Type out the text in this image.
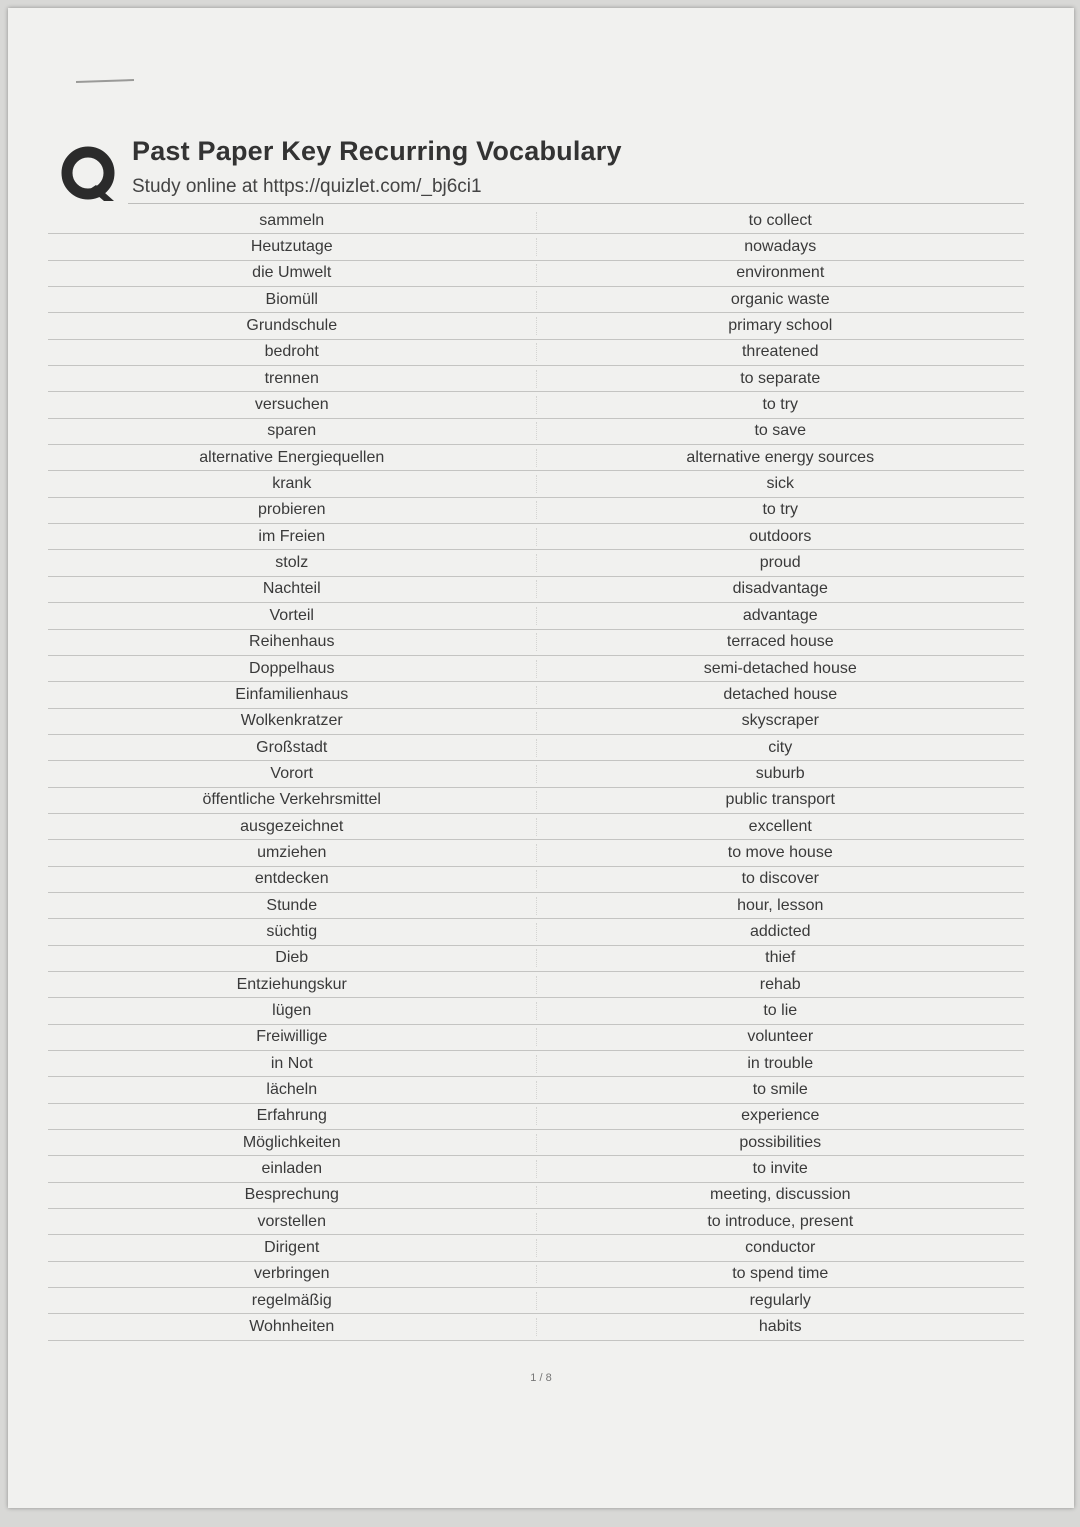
Past Paper Key Recurring Vocabulary
Study online at https://quizlet.com/_bj6ci1
sammeln	to collect
Heutzutage	nowadays
die Umwelt	environment
Biomüll	organic waste
Grundschule	primary school
bedroht	threatened
trennen	to separate
versuchen	to try
sparen	to save
alternative Energiequellen	alternative energy sources
krank	sick
probieren	to try
im Freien	outdoors
stolz	proud
Nachteil	disadvantage
Vorteil	advantage
Reihenhaus	terraced house
Doppelhaus	semi-detached house
Einfamilienhaus	detached house
Wolkenkratzer	skyscraper
Großstadt	city
Vorort	suburb
öffentliche Verkehrsmittel	public transport
ausgezeichnet	excellent
umziehen	to move house
entdecken	to discover
Stunde	hour, lesson
süchtig	addicted
Dieb	thief
Entziehungskur	rehab
lügen	to lie
Freiwillige	volunteer
in Not	in trouble
lächeln	to smile
Erfahrung	experience
Möglichkeiten	possibilities
einladen	to invite
Besprechung	meeting, discussion
vorstellen	to introduce, present
Dirigent	conductor
verbringen	to spend time
regelmäßig	regularly
Wohnheiten	habits
1 / 8
